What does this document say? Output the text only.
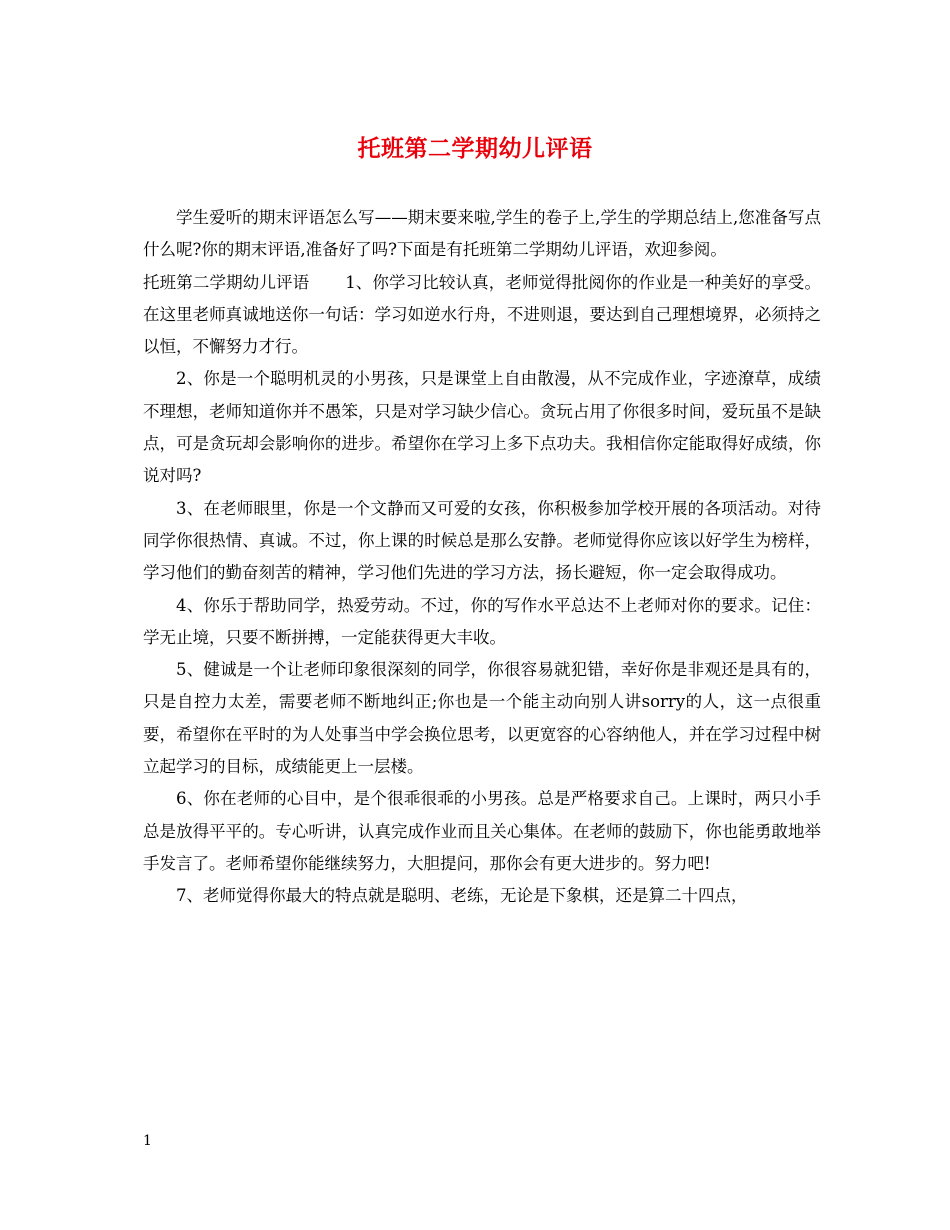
托班第二学期幼儿评语

学生爱听的期末评语怎么写——期末要来啦,学生的卷子上,学生的学期总结上,您准备写点什么呢?你的期末评语,准备好了吗?下面是有托班第二学期幼儿评语，欢迎参阅。

托班第二学期幼儿评语 1、你学习比较认真，老师觉得批阅你的作业是一种美好的享受。在这里老师真诚地送你一句话：学习如逆水行舟，不进则退，要达到自己理想境界，必须持之以恒，不懈努力才行。

2、你是一个聪明机灵的小男孩，只是课堂上自由散漫，从不完成作业，字迹潦草，成绩不理想，老师知道你并不愚笨，只是对学习缺少信心。贪玩占用了你很多时间，爱玩虽不是缺点，可是贪玩却会影响你的进步。希望你在学习上多下点功夫。我相信你定能取得好成绩，你说对吗?

3、在老师眼里，你是一个文静而又可爱的女孩，你积极参加学校开展的各项活动。对待同学你很热情、真诚。不过，你上课的时候总是那么安静。老师觉得你应该以好学生为榜样，学习他们的勤奋刻苦的精神，学习他们先进的学习方法，扬长避短，你一定会取得成功。

4、你乐于帮助同学，热爱劳动。不过，你的写作水平总达不上老师对你的要求。记住：学无止境，只要不断拼搏，一定能获得更大丰收。

5、健诚是一个让老师印象很深刻的同学，你很容易就犯错，幸好你是非观还是具有的，只是自控力太差，需要老师不断地纠正;你也是一个能主动向别人讲sorry的人，这一点很重要，希望你在平时的为人处事当中学会换位思考，以更宽容的心容纳他人，并在学习过程中树立起学习的目标，成绩能更上一层楼。

6、你在老师的心目中，是个很乖很乖的小男孩。总是严格要求自己。上课时，两只小手总是放得平平的。专心听讲，认真完成作业而且关心集体。在老师的鼓励下，你也能勇敢地举手发言了。老师希望你能继续努力，大胆提问，那你会有更大进步的。努力吧!

7、老师觉得你最大的特点就是聪明、老练，无论是下象棋，还是算二十四点，

1
